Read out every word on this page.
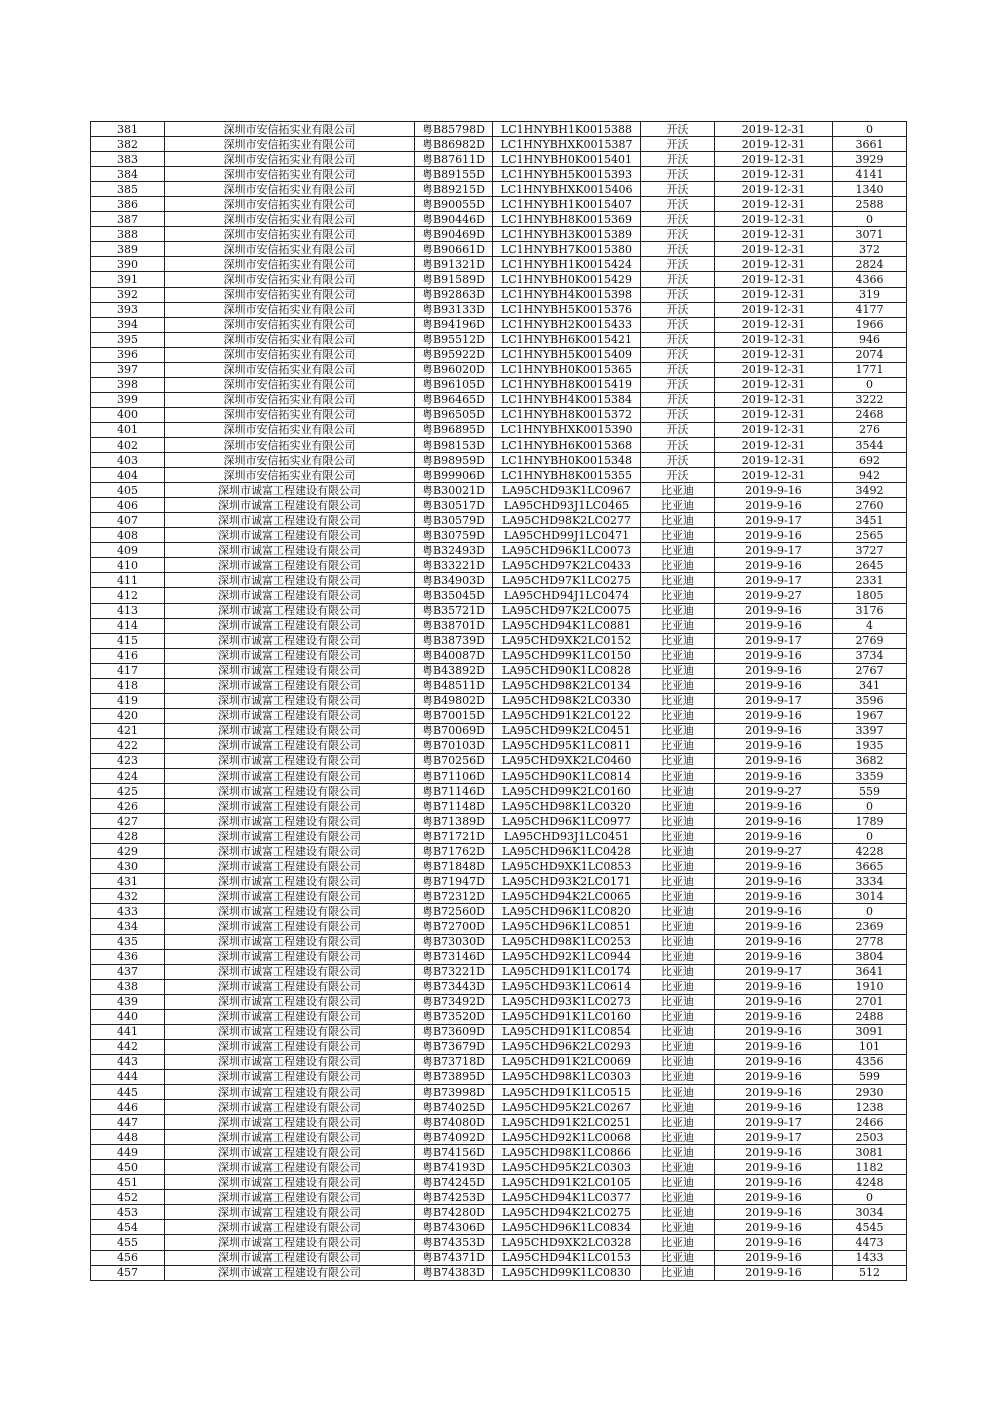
381	深圳市安信拓实业有限公司	粤B85798D	LC1HNYBH1K0015388	开沃	2019-12-31	0
382	深圳市安信拓实业有限公司	粤B86982D	LC1HNYBHXK0015387	开沃	2019-12-31	3661
383	深圳市安信拓实业有限公司	粤B87611D	LC1HNYBH0K0015401	开沃	2019-12-31	3929
384	深圳市安信拓实业有限公司	粤B89155D	LC1HNYBH5K0015393	开沃	2019-12-31	4141
385	深圳市安信拓实业有限公司	粤B89215D	LC1HNYBHXK0015406	开沃	2019-12-31	1340
386	深圳市安信拓实业有限公司	粤B90055D	LC1HNYBH1K0015407	开沃	2019-12-31	2588
387	深圳市安信拓实业有限公司	粤B90446D	LC1HNYBH8K0015369	开沃	2019-12-31	0
388	深圳市安信拓实业有限公司	粤B90469D	LC1HNYBH3K0015389	开沃	2019-12-31	3071
389	深圳市安信拓实业有限公司	粤B90661D	LC1HNYBH7K0015380	开沃	2019-12-31	372
390	深圳市安信拓实业有限公司	粤B91321D	LC1HNYBH1K0015424	开沃	2019-12-31	2824
391	深圳市安信拓实业有限公司	粤B91589D	LC1HNYBH0K0015429	开沃	2019-12-31	4366
392	深圳市安信拓实业有限公司	粤B92863D	LC1HNYBH4K0015398	开沃	2019-12-31	319
393	深圳市安信拓实业有限公司	粤B93133D	LC1HNYBH5K0015376	开沃	2019-12-31	4177
394	深圳市安信拓实业有限公司	粤B94196D	LC1HNYBH2K0015433	开沃	2019-12-31	1966
395	深圳市安信拓实业有限公司	粤B95512D	LC1HNYBH6K0015421	开沃	2019-12-31	946
396	深圳市安信拓实业有限公司	粤B95922D	LC1HNYBH5K0015409	开沃	2019-12-31	2074
397	深圳市安信拓实业有限公司	粤B96020D	LC1HNYBH0K0015365	开沃	2019-12-31	1771
398	深圳市安信拓实业有限公司	粤B96105D	LC1HNYBH8K0015419	开沃	2019-12-31	0
399	深圳市安信拓实业有限公司	粤B96465D	LC1HNYBH4K0015384	开沃	2019-12-31	3222
400	深圳市安信拓实业有限公司	粤B96505D	LC1HNYBH8K0015372	开沃	2019-12-31	2468
401	深圳市安信拓实业有限公司	粤B96895D	LC1HNYBHXK0015390	开沃	2019-12-31	276
402	深圳市安信拓实业有限公司	粤B98153D	LC1HNYBH6K0015368	开沃	2019-12-31	3544
403	深圳市安信拓实业有限公司	粤B98959D	LC1HNYBH0K0015348	开沃	2019-12-31	692
404	深圳市安信拓实业有限公司	粤B99906D	LC1HNYBH8K0015355	开沃	2019-12-31	942
405	深圳市诚富工程建设有限公司	粤B30021D	LA95CHD93K1LC0967	比亚迪	2019-9-16	3492
406	深圳市诚富工程建设有限公司	粤B30517D	LA95CHD93J1LC0465	比亚迪	2019-9-16	2760
407	深圳市诚富工程建设有限公司	粤B30579D	LA95CHD98K2LC0277	比亚迪	2019-9-17	3451
408	深圳市诚富工程建设有限公司	粤B30759D	LA95CHD99J1LC0471	比亚迪	2019-9-16	2565
409	深圳市诚富工程建设有限公司	粤B32493D	LA95CHD96K1LC0073	比亚迪	2019-9-17	3727
410	深圳市诚富工程建设有限公司	粤B33221D	LA95CHD97K2LC0433	比亚迪	2019-9-16	2645
411	深圳市诚富工程建设有限公司	粤B34903D	LA95CHD97K1LC0275	比亚迪	2019-9-17	2331
412	深圳市诚富工程建设有限公司	粤B35045D	LA95CHD94J1LC0474	比亚迪	2019-9-27	1805
413	深圳市诚富工程建设有限公司	粤B35721D	LA95CHD97K2LC0075	比亚迪	2019-9-16	3176
414	深圳市诚富工程建设有限公司	粤B38701D	LA95CHD94K1LC0881	比亚迪	2019-9-16	4
415	深圳市诚富工程建设有限公司	粤B38739D	LA95CHD9XK2LC0152	比亚迪	2019-9-17	2769
416	深圳市诚富工程建设有限公司	粤B40087D	LA95CHD99K1LC0150	比亚迪	2019-9-16	3734
417	深圳市诚富工程建设有限公司	粤B43892D	LA95CHD90K1LC0828	比亚迪	2019-9-16	2767
418	深圳市诚富工程建设有限公司	粤B48511D	LA95CHD98K2LC0134	比亚迪	2019-9-16	341
419	深圳市诚富工程建设有限公司	粤B49802D	LA95CHD98K2LC0330	比亚迪	2019-9-17	3596
420	深圳市诚富工程建设有限公司	粤B70015D	LA95CHD91K2LC0122	比亚迪	2019-9-16	1967
421	深圳市诚富工程建设有限公司	粤B70069D	LA95CHD99K2LC0451	比亚迪	2019-9-16	3397
422	深圳市诚富工程建设有限公司	粤B70103D	LA95CHD95K1LC0811	比亚迪	2019-9-16	1935
423	深圳市诚富工程建设有限公司	粤B70256D	LA95CHD9XK2LC0460	比亚迪	2019-9-16	3682
424	深圳市诚富工程建设有限公司	粤B71106D	LA95CHD90K1LC0814	比亚迪	2019-9-16	3359
425	深圳市诚富工程建设有限公司	粤B71146D	LA95CHD99K2LC0160	比亚迪	2019-9-27	559
426	深圳市诚富工程建设有限公司	粤B71148D	LA95CHD98K1LC0320	比亚迪	2019-9-16	0
427	深圳市诚富工程建设有限公司	粤B71389D	LA95CHD96K1LC0977	比亚迪	2019-9-16	1789
428	深圳市诚富工程建设有限公司	粤B71721D	LA95CHD93J1LC0451	比亚迪	2019-9-16	0
429	深圳市诚富工程建设有限公司	粤B71762D	LA95CHD96K1LC0428	比亚迪	2019-9-27	4228
430	深圳市诚富工程建设有限公司	粤B71848D	LA95CHD9XK1LC0853	比亚迪	2019-9-16	3665
431	深圳市诚富工程建设有限公司	粤B71947D	LA95CHD93K2LC0171	比亚迪	2019-9-16	3334
432	深圳市诚富工程建设有限公司	粤B72312D	LA95CHD94K2LC0065	比亚迪	2019-9-16	3014
433	深圳市诚富工程建设有限公司	粤B72560D	LA95CHD96K1LC0820	比亚迪	2019-9-16	0
434	深圳市诚富工程建设有限公司	粤B72700D	LA95CHD96K1LC0851	比亚迪	2019-9-16	2369
435	深圳市诚富工程建设有限公司	粤B73030D	LA95CHD98K1LC0253	比亚迪	2019-9-16	2778
436	深圳市诚富工程建设有限公司	粤B73146D	LA95CHD92K1LC0944	比亚迪	2019-9-16	3804
437	深圳市诚富工程建设有限公司	粤B73221D	LA95CHD91K1LC0174	比亚迪	2019-9-17	3641
438	深圳市诚富工程建设有限公司	粤B73443D	LA95CHD93K1LC0614	比亚迪	2019-9-16	1910
439	深圳市诚富工程建设有限公司	粤B73492D	LA95CHD93K1LC0273	比亚迪	2019-9-16	2701
440	深圳市诚富工程建设有限公司	粤B73520D	LA95CHD91K1LC0160	比亚迪	2019-9-16	2488
441	深圳市诚富工程建设有限公司	粤B73609D	LA95CHD91K1LC0854	比亚迪	2019-9-16	3091
442	深圳市诚富工程建设有限公司	粤B73679D	LA95CHD96K2LC0293	比亚迪	2019-9-16	101
443	深圳市诚富工程建设有限公司	粤B73718D	LA95CHD91K2LC0069	比亚迪	2019-9-16	4356
444	深圳市诚富工程建设有限公司	粤B73895D	LA95CHD98K1LC0303	比亚迪	2019-9-16	599
445	深圳市诚富工程建设有限公司	粤B73998D	LA95CHD91K1LC0515	比亚迪	2019-9-16	2930
446	深圳市诚富工程建设有限公司	粤B74025D	LA95CHD95K2LC0267	比亚迪	2019-9-16	1238
447	深圳市诚富工程建设有限公司	粤B74080D	LA95CHD91K2LC0251	比亚迪	2019-9-17	2466
448	深圳市诚富工程建设有限公司	粤B74092D	LA95CHD92K1LC0068	比亚迪	2019-9-17	2503
449	深圳市诚富工程建设有限公司	粤B74156D	LA95CHD98K1LC0866	比亚迪	2019-9-16	3081
450	深圳市诚富工程建设有限公司	粤B74193D	LA95CHD95K2LC0303	比亚迪	2019-9-16	1182
451	深圳市诚富工程建设有限公司	粤B74245D	LA95CHD91K2LC0105	比亚迪	2019-9-16	4248
452	深圳市诚富工程建设有限公司	粤B74253D	LA95CHD94K1LC0377	比亚迪	2019-9-16	0
453	深圳市诚富工程建设有限公司	粤B74280D	LA95CHD94K2LC0275	比亚迪	2019-9-16	3034
454	深圳市诚富工程建设有限公司	粤B74306D	LA95CHD96K1LC0834	比亚迪	2019-9-16	4545
455	深圳市诚富工程建设有限公司	粤B74353D	LA95CHD9XK2LC0328	比亚迪	2019-9-16	4473
456	深圳市诚富工程建设有限公司	粤B74371D	LA95CHD94K1LC0153	比亚迪	2019-9-16	1433
457	深圳市诚富工程建设有限公司	粤B74383D	LA95CHD99K1LC0830	比亚迪	2019-9-16	512
